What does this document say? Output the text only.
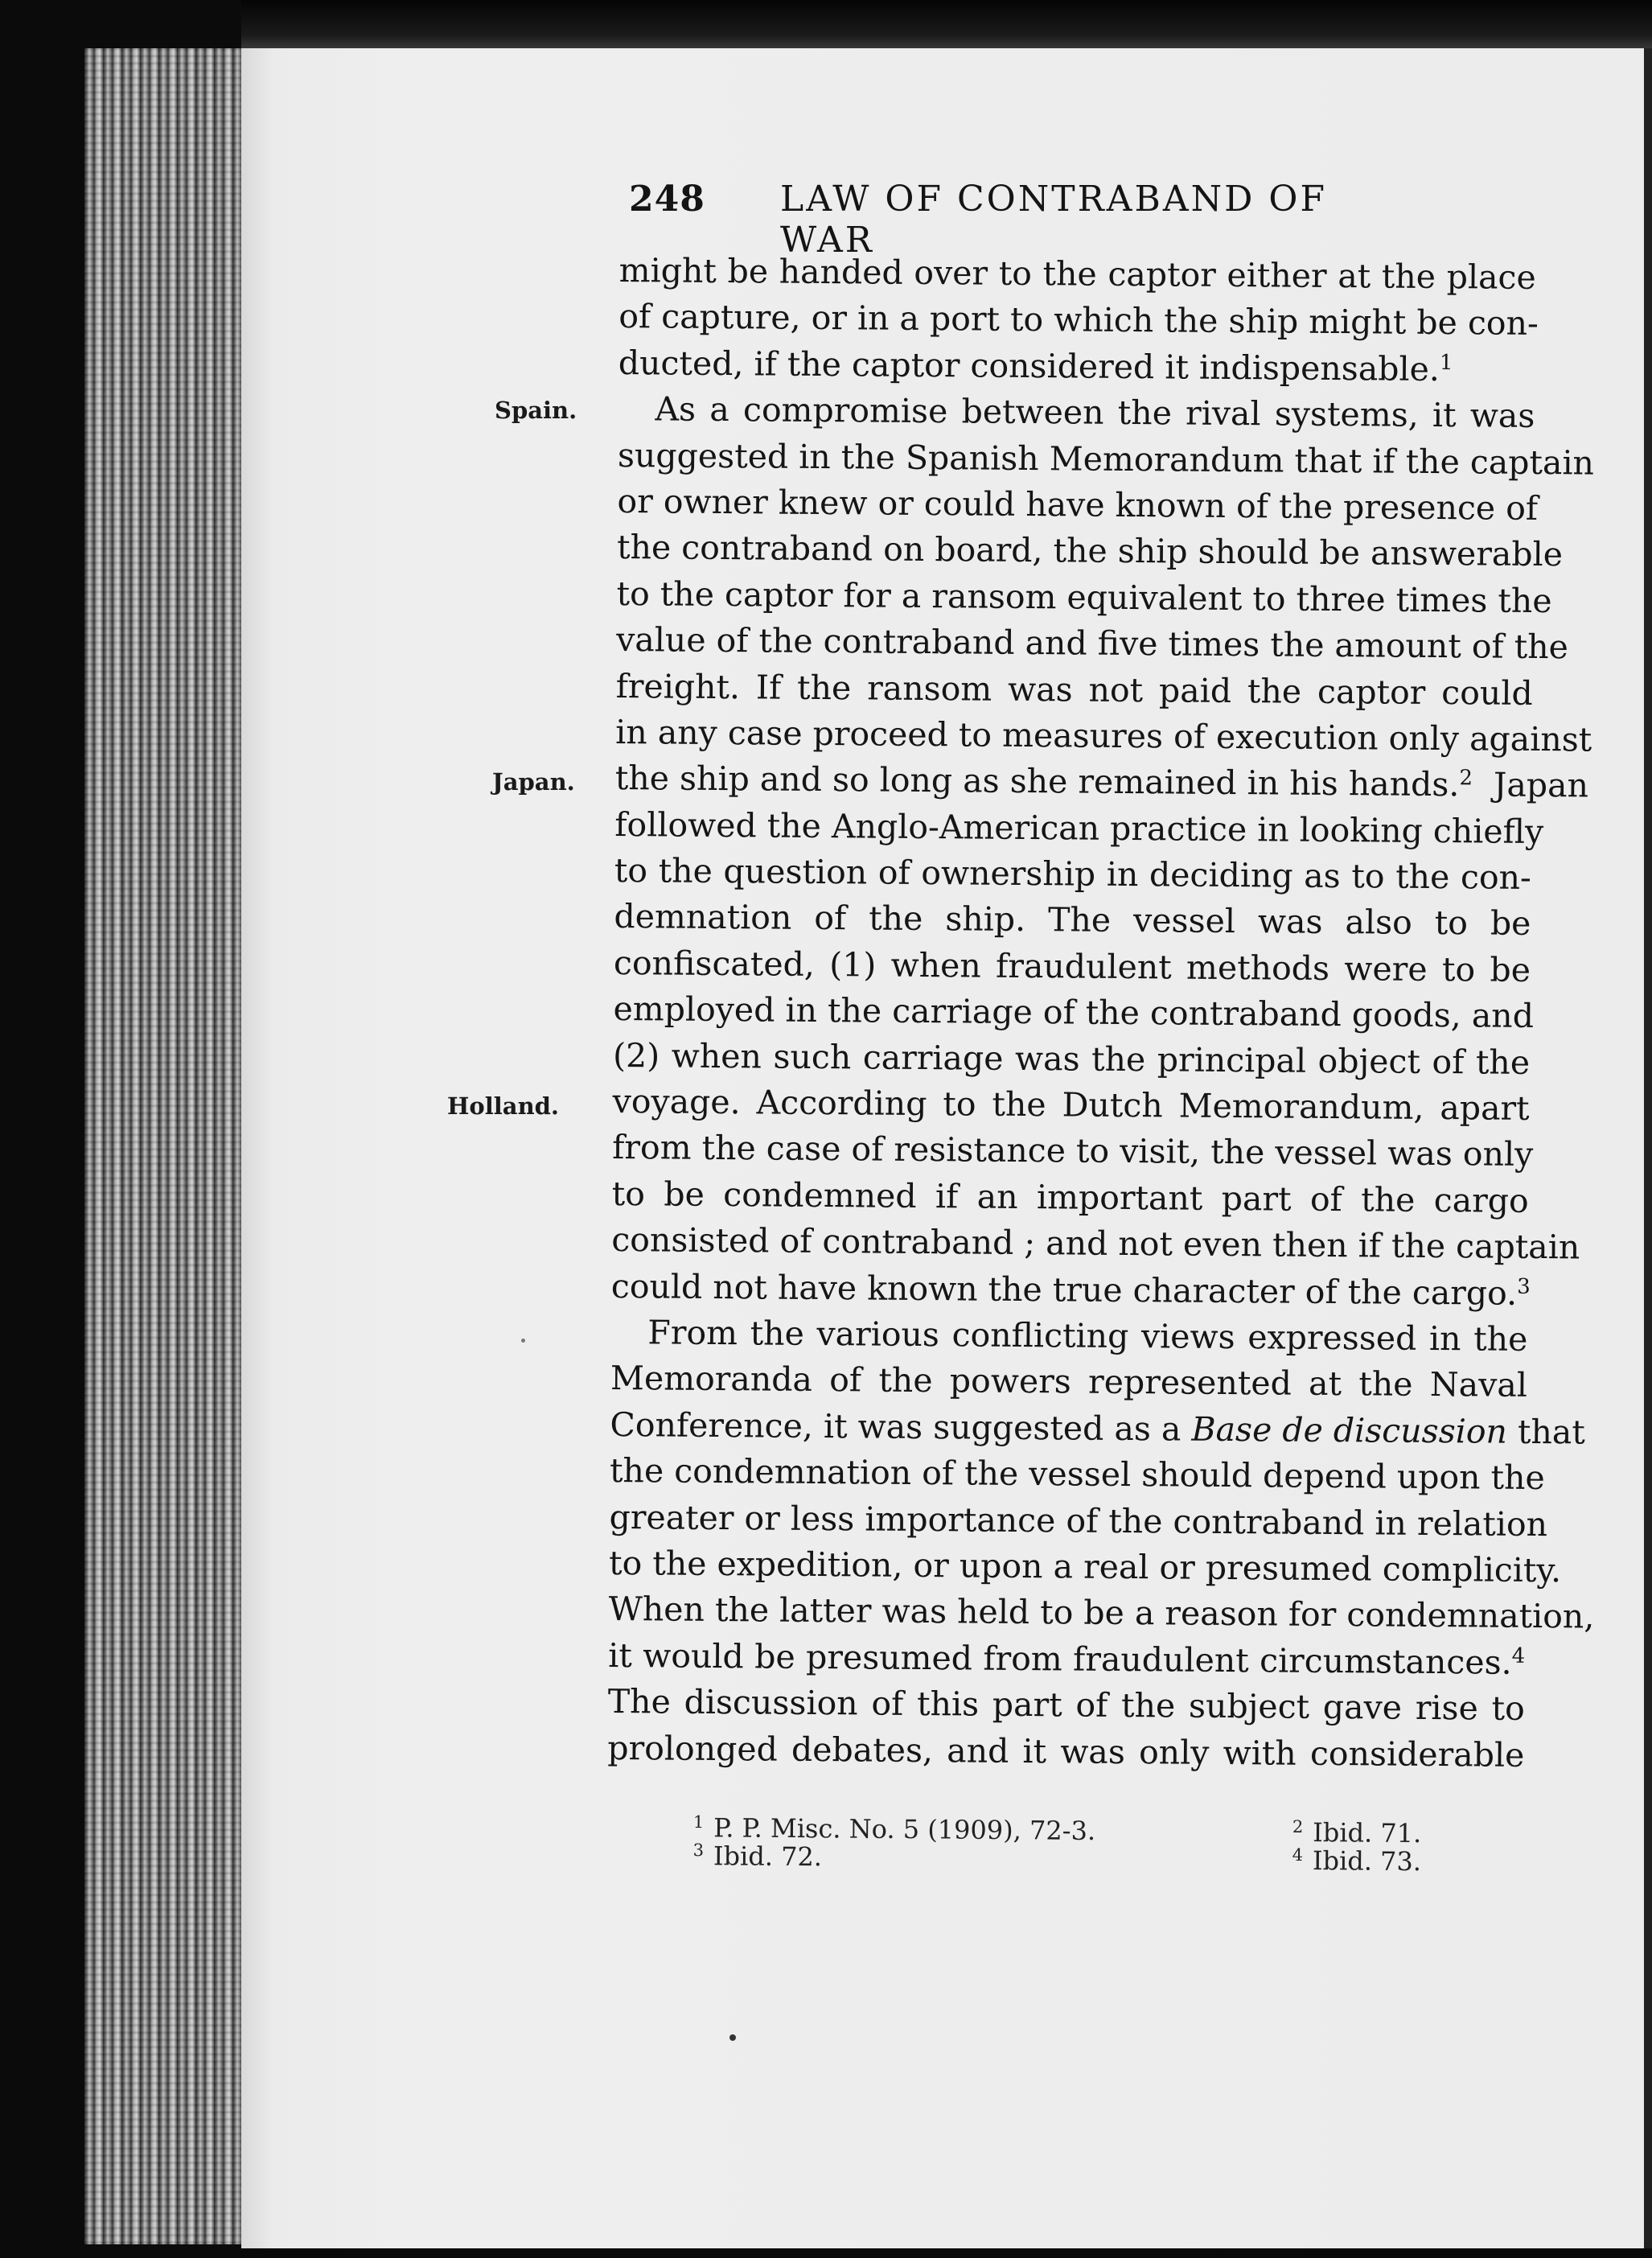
248 LAW OF CONTRABAND OF WAR
Spain.
Japan.
Holland.
might be handed over to the captor either at the place
of capture, or in a port to which the ship might be con-
ducted, if the captor considered it indispensable.$^1$
As a compromise between the rival systems, it was
suggested in the Spanish Memorandum that if the captain
or owner knew or could have known of the presence of
the contraband on board, the ship should be answerable
to the captor for a ransom equivalent to three times the
value of the contraband and five times the amount of the
freight. If the ransom was not paid the captor could
in any case proceed to measures of execution only against
the ship and so long as she remained in his hands.$^2$ Japan
followed the Anglo-American practice in looking chiefly
to the question of ownership in deciding as to the con-
demnation of the ship. The vessel was also to be
confiscated, (1) when fraudulent methods were to be
employed in the carriage of the contraband goods, and
(2) when such carriage was the principal object of the
voyage. According to the Dutch Memorandum, apart
from the case of resistance to visit, the vessel was only
to be condemned if an important part of the cargo
consisted of contraband ; and not even then if the captain
could not have known the true character of the cargo.$^3$
From the various conflicting views expressed in the
Memoranda of the powers represented at the Naval
Conference, it was suggested as a Base de discussion that
the condemnation of the vessel should depend upon the
greater or less importance of the contraband in relation
to the expedition, or upon a real or presumed complicity.
When the latter was held to be a reason for condemnation,
it would be presumed from fraudulent circumstances.$^4$
The discussion of this part of the subject gave rise to
prolonged debates, and it was only with considerable
$^1$ P. P. Misc. No. 5 (1909), 72-3.	$^2$ Ibid. 71.
$^3$ Ibid. 72.	$^4$ Ibid. 73.
